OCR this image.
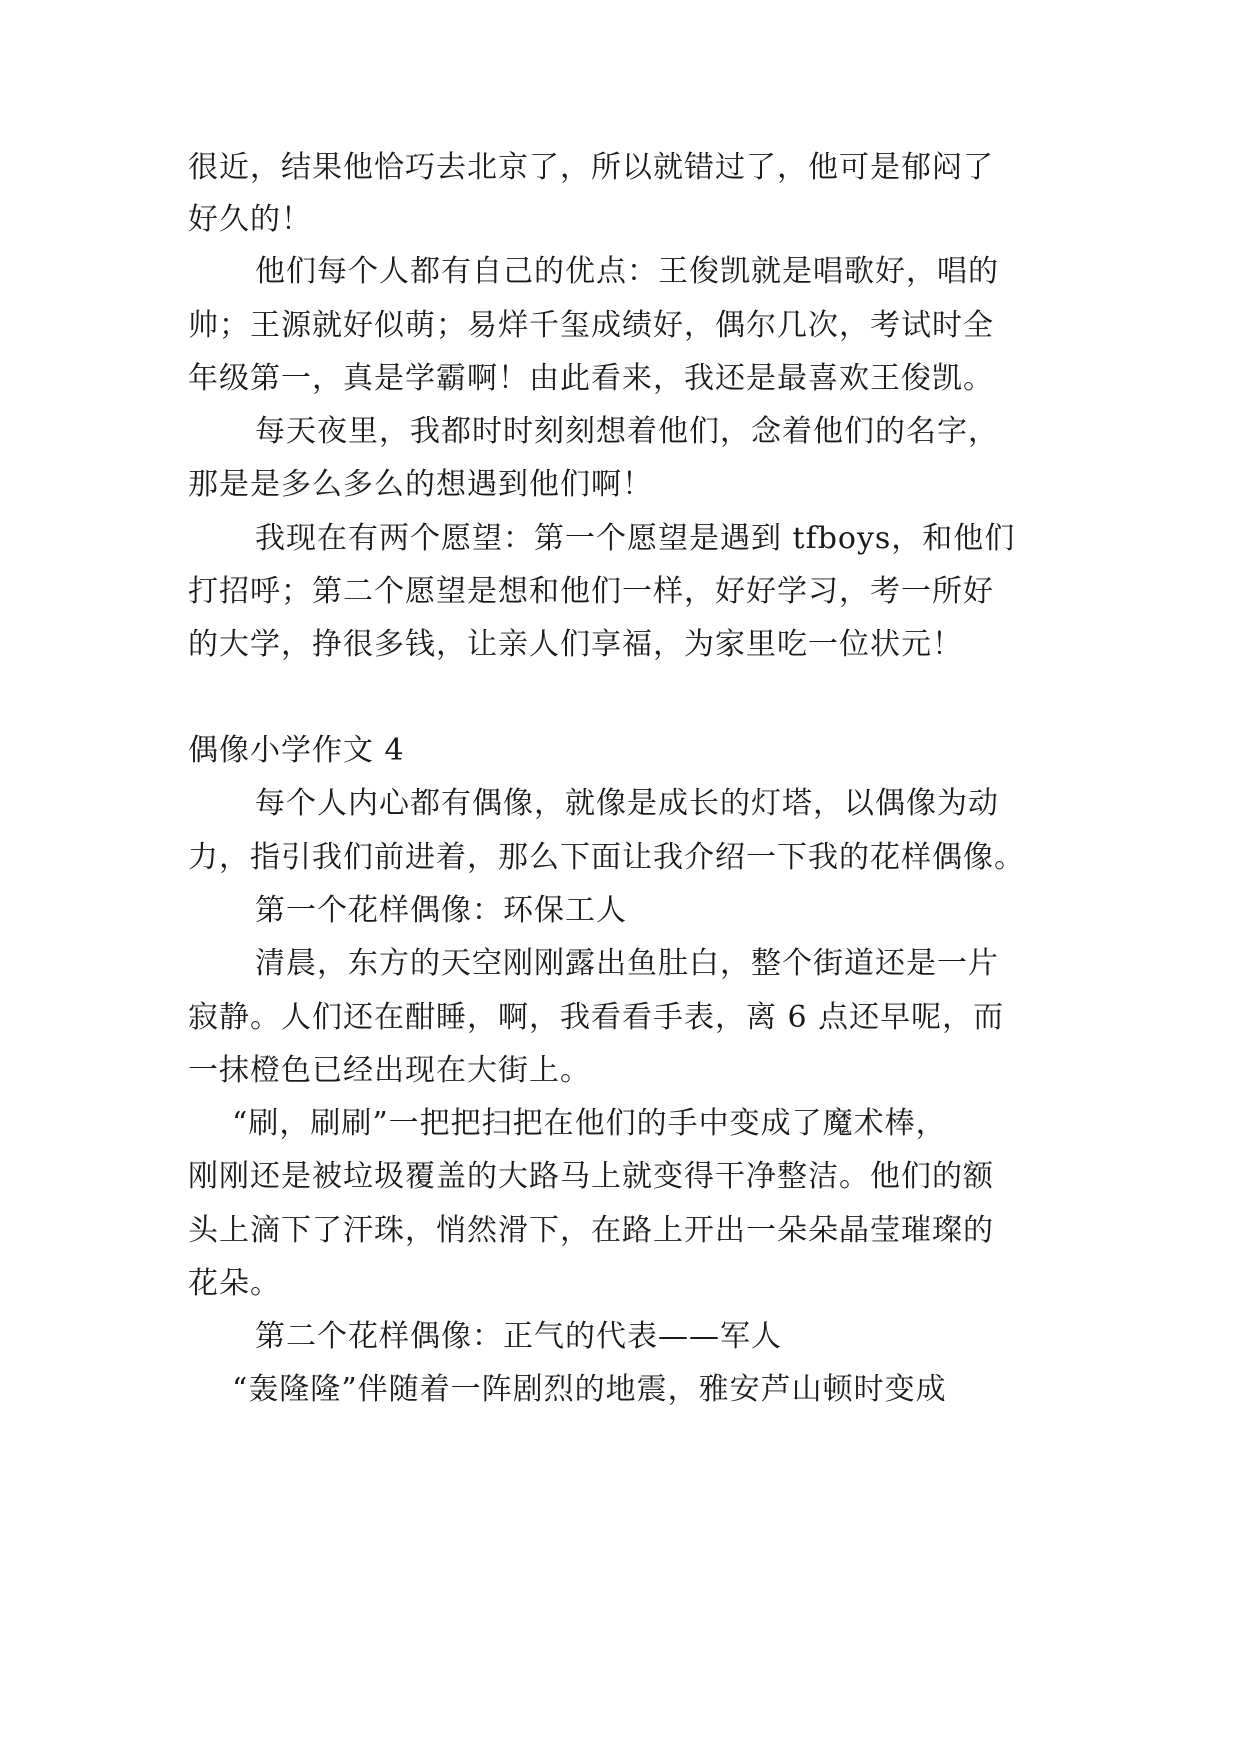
很近，结果他恰巧去北京了，所以就错过了，他可是郁闷了
好久的！
他们每个人都有自己的优点：王俊凯就是唱歌好，唱的
帅；王源就好似萌；易烊千玺成绩好，偶尔几次，考试时全
年级第一，真是学霸啊！由此看来，我还是最喜欢王俊凯。
每天夜里，我都时时刻刻想着他们，念着他们的名字，
那是是多么多么的想遇到他们啊！
我现在有两个愿望：第一个愿望是遇到 tfboys，和他们
打招呼；第二个愿望是想和他们一样，好好学习，考一所好
的大学，挣很多钱，让亲人们享福，为家里吃一位状元！
偶像小学作文 4
每个人内心都有偶像，就像是成长的灯塔，以偶像为动
力，指引我们前进着，那么下面让我介绍一下我的花样偶像。
第一个花样偶像：环保工人
清晨，东方的天空刚刚露出鱼肚白，整个街道还是一片
寂静。人们还在酣睡，啊，我看看手表，离 6 点还早呢，而
一抹橙色已经出现在大街上。
“刷，刷刷”一把把扫把在他们的手中变成了魔术棒，
刚刚还是被垃圾覆盖的大路马上就变得干净整洁。他们的额
头上滴下了汗珠，悄然滑下，在路上开出一朵朵晶莹璀璨的
花朵。
第二个花样偶像：正气的代表——军人
“轰隆隆”伴随着一阵剧烈的地震，雅安芦山顿时变成
